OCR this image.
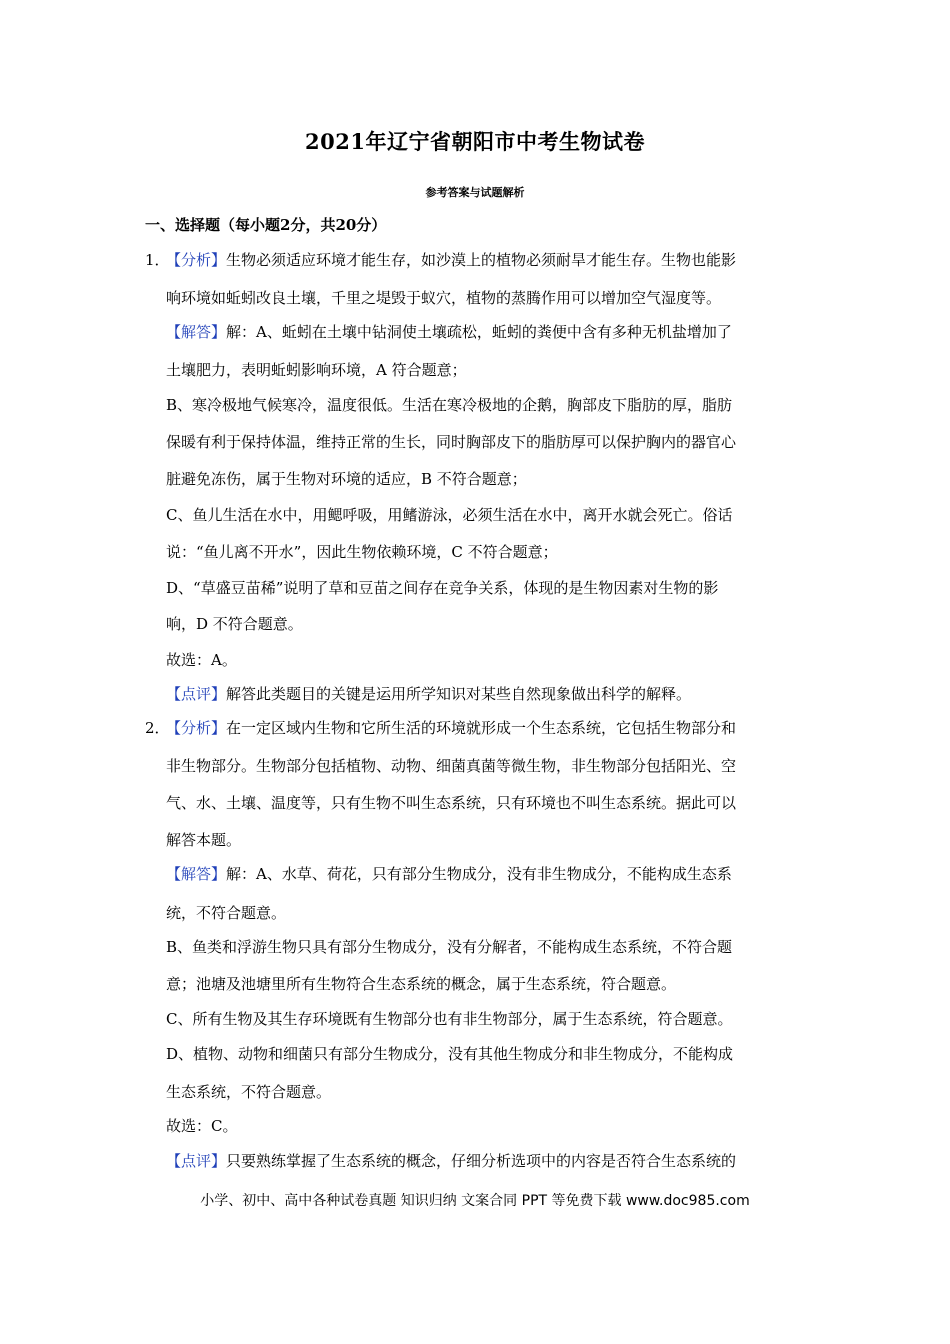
2021年辽宁省朝阳市中考生物试卷
参考答案与试题解析
一、选择题（每小题2分，共20分）
1．
【分析】生物必须适应环境才能生存，如沙漠上的植物必须耐旱才能生存。生物也能影
响环境如蚯蚓改良土壤，千里之堤毁于蚁穴，植物的蒸腾作用可以增加空气湿度等。
【解答】解：A、蚯蚓在土壤中钻洞使土壤疏松，蚯蚓的粪便中含有多种无机盐增加了
土壤肥力，表明蚯蚓影响环境，A 符合题意；
B、寒冷极地气候寒冷，温度很低。生活在寒冷极地的企鹅，胸部皮下脂肪的厚，脂肪
保暖有利于保持体温，维持正常的生长，同时胸部皮下的脂肪厚可以保护胸内的器官心
脏避免冻伤，属于生物对环境的适应，B 不符合题意；
C、鱼儿生活在水中，用鳃呼吸，用鳍游泳，必须生活在水中，离开水就会死亡。俗话
说：“鱼儿离不开水”，因此生物依赖环境，C 不符合题意；
D、“草盛豆苗稀”说明了草和豆苗之间存在竞争关系，体现的是生物因素对生物的影
响，D 不符合题意。
故选：A。
【点评】解答此类题目的关键是运用所学知识对某些自然现象做出科学的解释。
2．
【分析】在一定区域内生物和它所生活的环境就形成一个生态系统，它包括生物部分和
非生物部分。生物部分包括植物、动物、细菌真菌等微生物，非生物部分包括阳光、空
气、水、土壤、温度等，只有生物不叫生态系统，只有环境也不叫生态系统。据此可以
解答本题。
【解答】解：A、水草、荷花，只有部分生物成分，没有非生物成分，不能构成生态系
统，不符合题意。
B、鱼类和浮游生物只具有部分生物成分，没有分解者，不能构成生态系统，不符合题
意；池塘及池塘里所有生物符合生态系统的概念，属于生态系统，符合题意。
C、所有生物及其生存环境既有生物部分也有非生物部分，属于生态系统，符合题意。
D、植物、动物和细菌只有部分生物成分，没有其他生物成分和非生物成分，不能构成
生态系统，不符合题意。
故选：C。
【点评】只要熟练掌握了生态系统的概念，仔细分析选项中的内容是否符合生态系统的
小学、初中、高中各种试卷真题 知识归纳 文案合同 PPT 等免费下载 www.doc985.com
